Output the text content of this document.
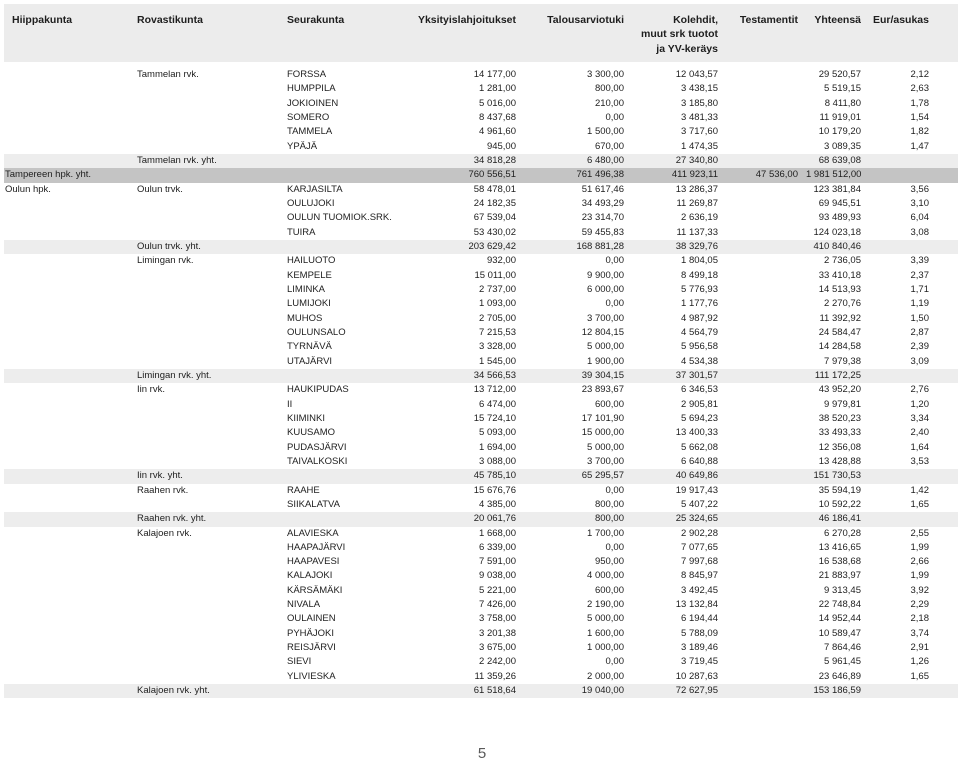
Hiippakunta	Rovastikunta	Seurakunta	Yksityislahjoitukset	Talousarviotuki	Kolehdit,
muut srk tuotot
ja YV-keräys
	Testamentit	Yhteensä	Eur/asukas
	Tammelan rvk.	FORSSA	14 177,00	3 300,00	12 043,57		29 520,57	2,12
		HUMPPILA	1 281,00	800,00	3 438,15		5 519,15	2,63
		JOKIOINEN	5 016,00	210,00	3 185,80		8 411,80	1,78
		SOMERO	8 437,68	0,00	3 481,33		11 919,01	1,54
		TAMMELA	4 961,60	1 500,00	3 717,60		10 179,20	1,82
		YPÄJÄ	945,00	670,00	1 474,35		3 089,35	1,47
	Tammelan rvk. yht.		34 818,28	6 480,00	27 340,80		68 639,08	
Tampereen hpk. yht.			760 556,51	761 496,38	411 923,11	47 536,00	1 981 512,00	
Oulun hpk.	Oulun trvk.	KARJASILTA	58 478,01	51 617,46	13 286,37		123 381,84	3,56
		OULUJOKI	24 182,35	34 493,29	11 269,87		69 945,51	3,10
		OULUN TUOMIOK.SRK.	67 539,04	23 314,70	2 636,19		93 489,93	6,04
		TUIRA	53 430,02	59 455,83	11 137,33		124 023,18	3,08
	Oulun trvk. yht.		203 629,42	168 881,28	38 329,76		410 840,46	
	Limingan rvk.	HAILUOTO	932,00	0,00	1 804,05		2 736,05	3,39
		KEMPELE	15 011,00	9 900,00	8 499,18		33 410,18	2,37
		LIMINKA	2 737,00	6 000,00	5 776,93		14 513,93	1,71
		LUMIJOKI	1 093,00	0,00	1 177,76		2 270,76	1,19
		MUHOS	2 705,00	3 700,00	4 987,92		11 392,92	1,50
		OULUNSALO	7 215,53	12 804,15	4 564,79		24 584,47	2,87
		TYRNÄVÄ	3 328,00	5 000,00	5 956,58		14 284,58	2,39
		UTAJÄRVI	1 545,00	1 900,00	4 534,38		7 979,38	3,09
	Limingan rvk. yht.		34 566,53	39 304,15	37 301,57		111 172,25	
	Iin rvk.	HAUKIPUDAS	13 712,00	23 893,67	6 346,53		43 952,20	2,76
		II	6 474,00	600,00	2 905,81		9 979,81	1,20
		KIIMINKI	15 724,10	17 101,90	5 694,23		38 520,23	3,34
		KUUSAMO	5 093,00	15 000,00	13 400,33		33 493,33	2,40
		PUDASJÄRVI	1 694,00	5 000,00	5 662,08		12 356,08	1,64
		TAIVALKOSKI	3 088,00	3 700,00	6 640,88		13 428,88	3,53
	Iin rvk. yht.		45 785,10	65 295,57	40 649,86		151 730,53	
	Raahen rvk.	RAAHE	15 676,76	0,00	19 917,43		35 594,19	1,42
		SIIKALATVA	4 385,00	800,00	5 407,22		10 592,22	1,65
	Raahen rvk. yht.		20 061,76	800,00	25 324,65		46 186,41	
	Kalajoen rvk.	ALAVIESKA	1 668,00	1 700,00	2 902,28		6 270,28	2,55
		HAAPAJÄRVI	6 339,00	0,00	7 077,65		13 416,65	1,99
		HAAPAVESI	7 591,00	950,00	7 997,68		16 538,68	2,66
		KALAJOKI	9 038,00	4 000,00	8 845,97		21 883,97	1,99
		KÄRSÄMÄKI	5 221,00	600,00	3 492,45		9 313,45	3,92
		NIVALA	7 426,00	2 190,00	13 132,84		22 748,84	2,29
		OULAINEN	3 758,00	5 000,00	6 194,44		14 952,44	2,18
		PYHÄJOKI	3 201,38	1 600,00	5 788,09		10 589,47	3,74
		REISJÄRVI	3 675,00	1 000,00	3 189,46		7 864,46	2,91
		SIEVI	2 242,00	0,00	3 719,45		5 961,45	1,26
		YLIVIESKA	11 359,26	2 000,00	10 287,63		23 646,89	1,65
	Kalajoen rvk. yht.		61 518,64	19 040,00	72 627,95		153 186,59	
5
